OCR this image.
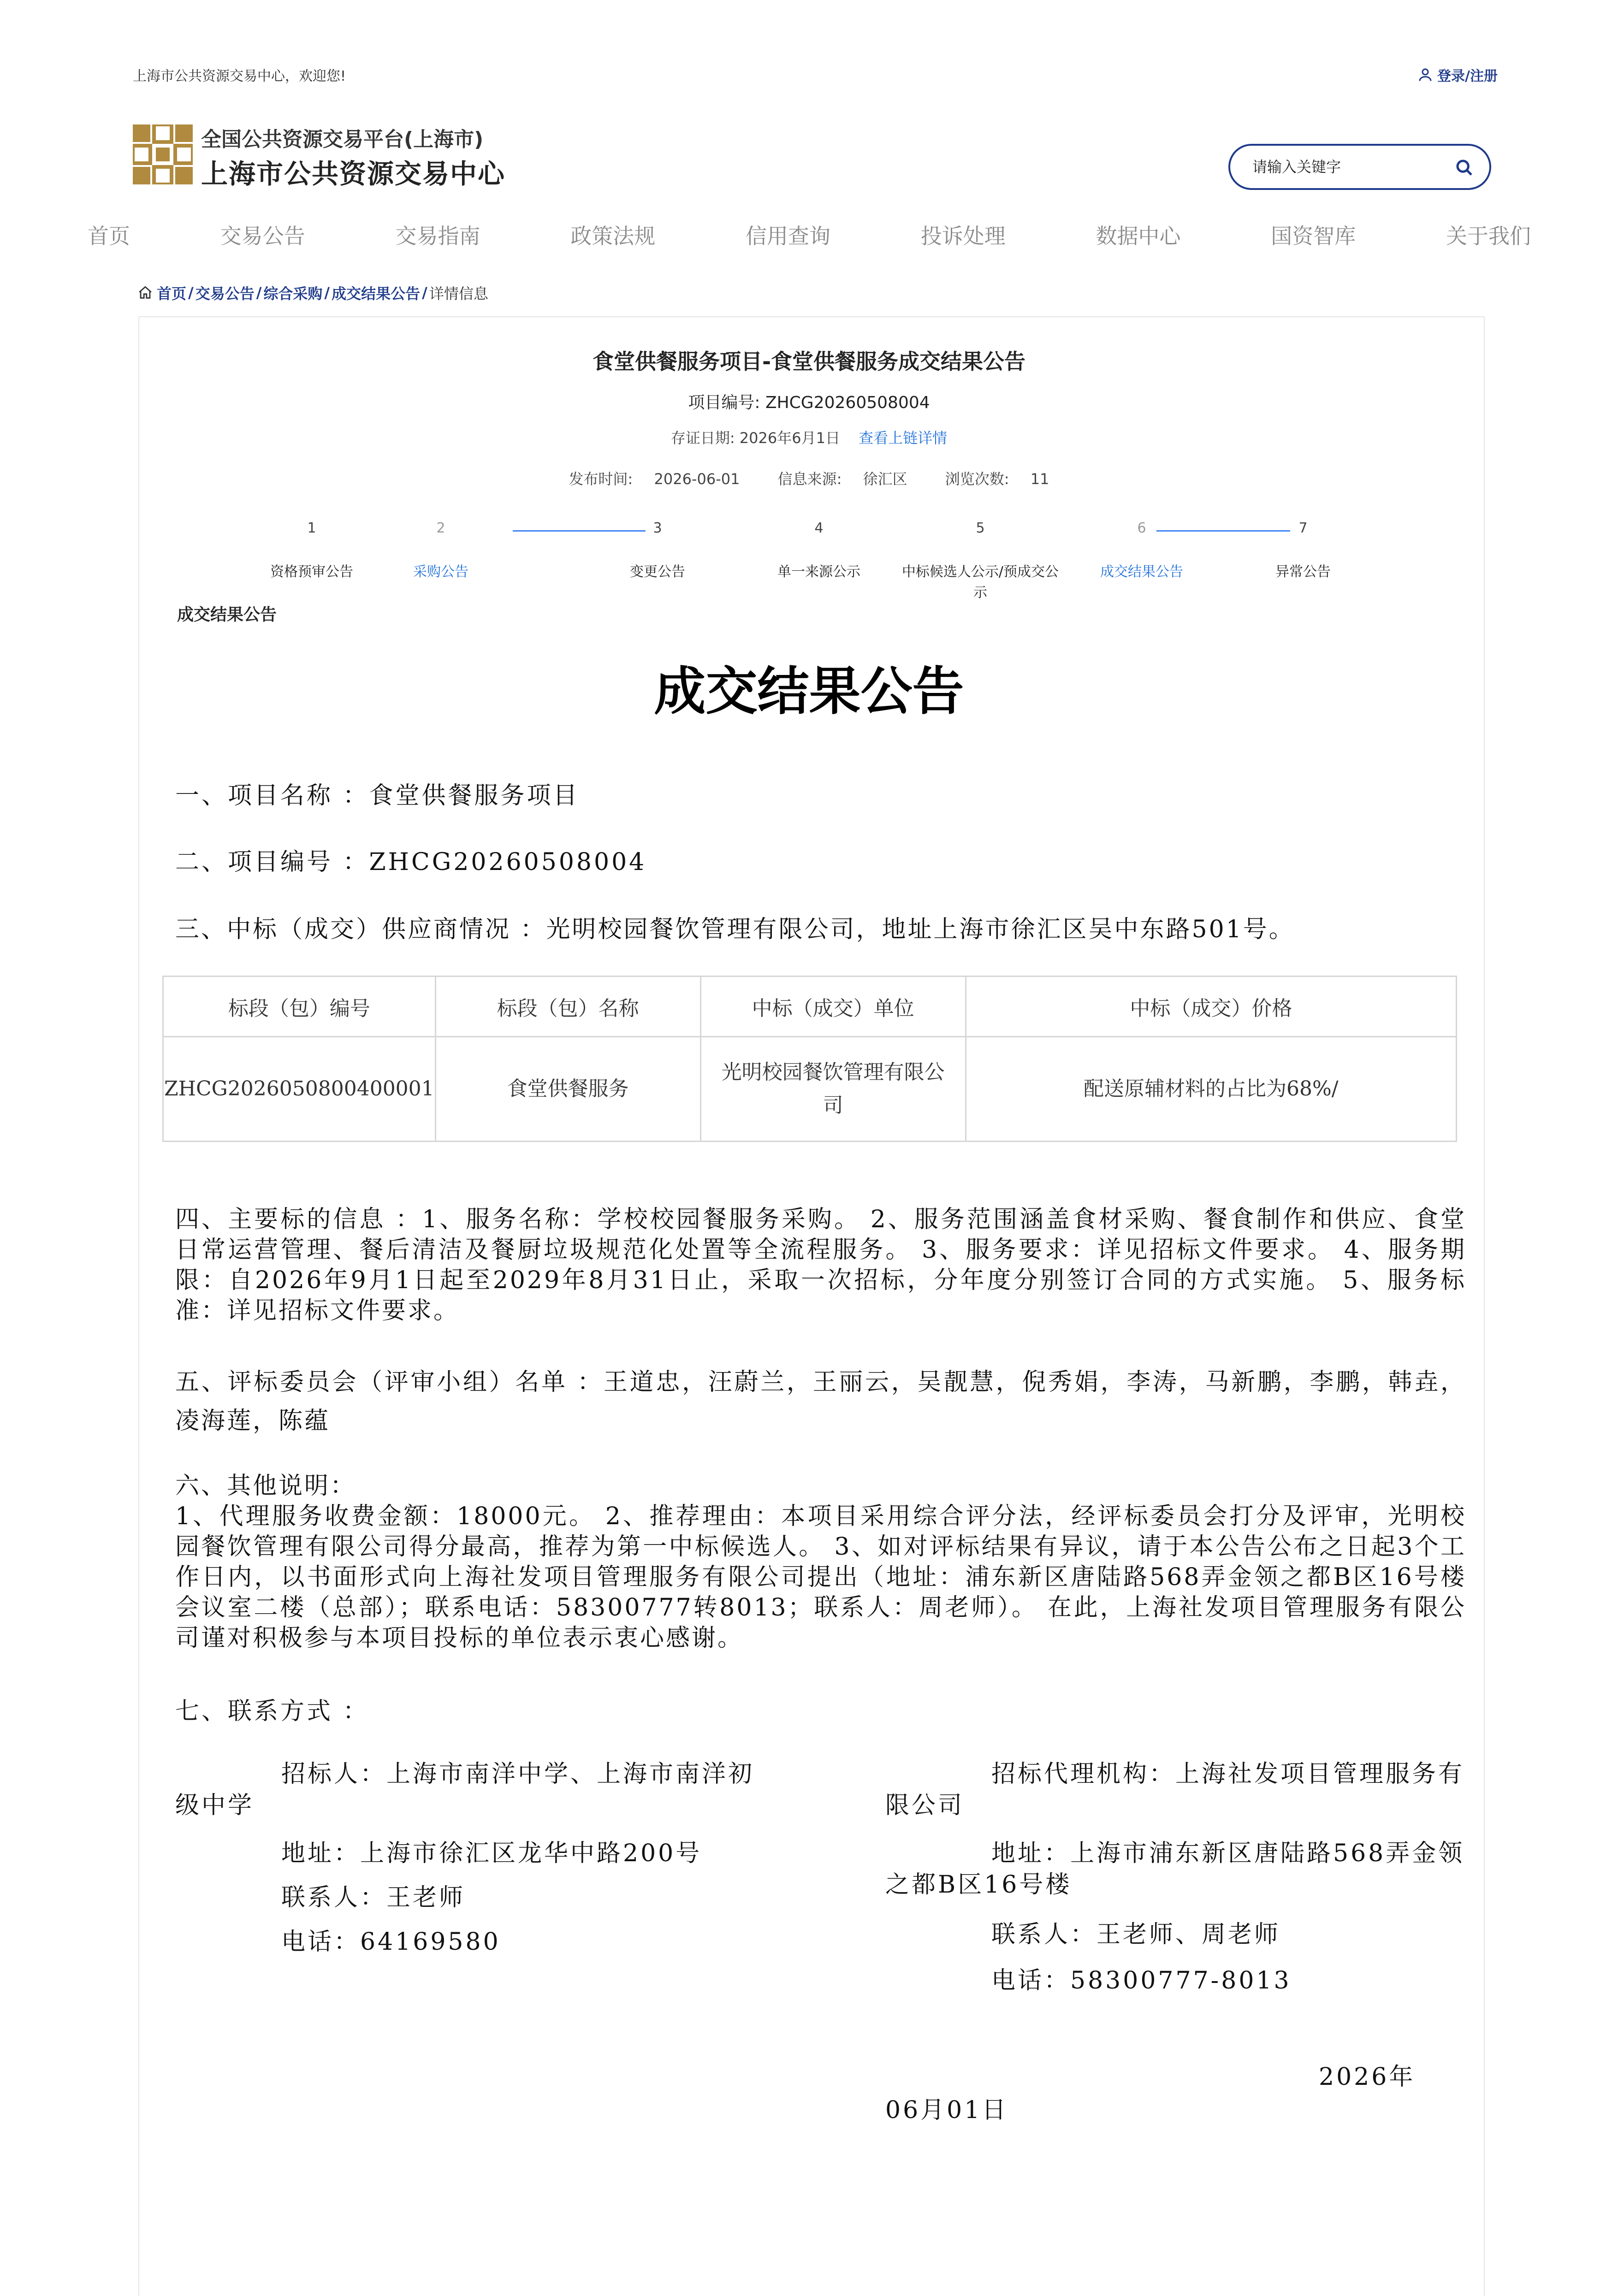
上海市公共资源交易中心，欢迎您!	登录/注册
全国公共资源交易平台(上海市)
上海市公共资源交易中心
请输入关键字
首页	交易公告	交易指南	政策法规	信用查询	投诉处理	数据中心	国资智库	关于我们
首页 / 交易公告 / 综合采购 / 成交结果公告 / 详情信息
食堂供餐服务项目-食堂供餐服务成交结果公告
项目编号: ZHCG20260508004
存证日期: 2026年6月1日 查看上链详情
发布时间: 2026-06-01	信息来源: 徐汇区	浏览次数: 11
1
资格预审公告
2
采购公告
3
变更公告
4
单一来源公示
5
中标候选人公示/预成交公示
6
成交结果公告
7
异常公告
成交结果公告
成交结果公告
一、项目名称 ：食堂供餐服务项目
二、项目编号 ：ZHCG20260508004
三、中标（成交）供应商情况 ：光明校园餐饮管理有限公司，地址上海市徐汇区吴中东路501号。
标段（包）编号	标段（包）名称	中标（成交）单位	中标（成交）价格
ZHCG2026050800400001	食堂供餐服务	光明校园餐饮管理有限公司	配送原辅材料的占比为68%/
四、主要标的信息 ：1、服务名称：学校校园餐服务采购。 2、服务范围涵盖食材采购、餐食制作和供应、食堂日常运营管理、餐后清洁及餐厨垃圾规范化处置等全流程服务。 3、服务要求：详见招标文件要求。 4、服务期限：自2026年9月1日起至2029年8月31日止，采取一次招标，分年度分别签订合同的方式实施。 5、服务标准：详见招标文件要求。
五、评标委员会（评审小组）名单 ：王道忠，汪蔚兰，王丽云，吴靓慧，倪秀娟，李涛，马新鹏，李鹏，韩垚，凌海莲，陈蕴
六、其他说明：
1、代理服务收费金额：18000元。 2、推荐理由：本项目采用综合评分法，经评标委员会打分及评审，光明校园餐饮管理有限公司得分最高，推荐为第一中标候选人。 3、如对评标结果有异议，请于本公告公布之日起3个工作日内，以书面形式向上海社发项目管理服务有限公司提出（地址：浦东新区唐陆路568弄金领之都B区16号楼会议室二楼（总部）；联系电话：58300777转8013；联系人：周老师）。 在此，上海社发项目管理服务有限公司谨对积极参与本项目投标的单位表示衷心感谢。
七、联系方式 ：
招标人：上海市南洋中学、上海市南洋初级中学
地址：上海市徐汇区龙华中路200号
联系人：王老师
电话：64169580
招标代理机构：上海社发项目管理服务有限公司
地址：上海市浦东新区唐陆路568弄金领之都B区16号楼
联系人：王老师、周老师
电话：58300777-8013
2026年
06月01日
